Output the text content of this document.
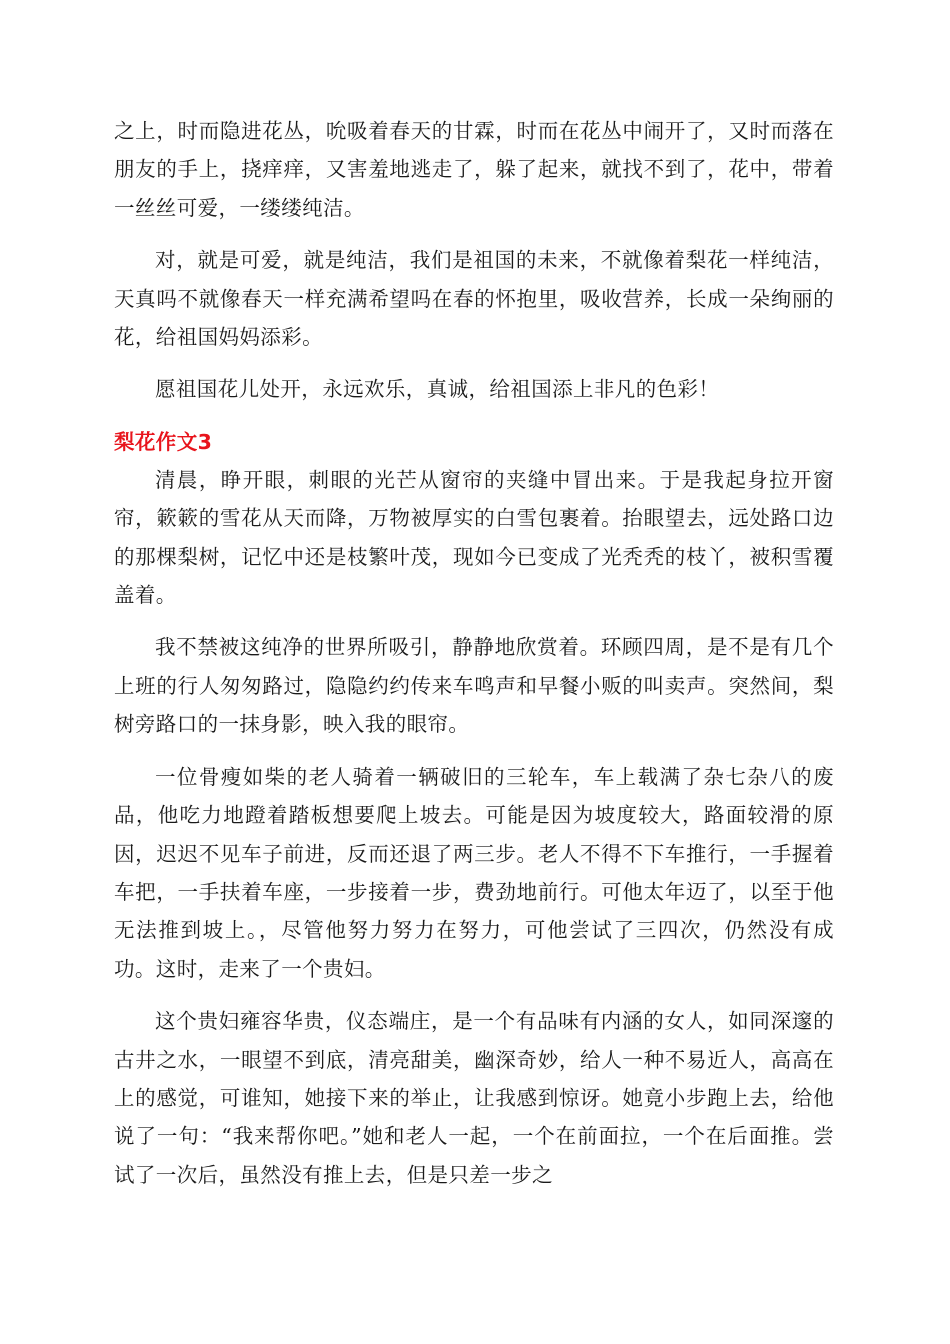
之上，时而隐进花丛，吮吸着春天的甘霖，时而在花丛中闹开了，又时而落在朋友的手上，挠痒痒，又害羞地逃走了，躲了起来，就找不到了，花中，带着一丝丝可爱，一缕缕纯洁。

对，就是可爱，就是纯洁，我们是祖国的未来，不就像着梨花一样纯洁，天真吗不就像春天一样充满希望吗在春的怀抱里，吸收营养，长成一朵绚丽的花，给祖国妈妈添彩。

愿祖国花儿处开，永远欢乐，真诚，给祖国添上非凡的色彩！

梨花作文3

清晨，睁开眼，刺眼的光芒从窗帘的夹缝中冒出来。于是我起身拉开窗帘，簌簌的雪花从天而降，万物被厚实的白雪包裹着。抬眼望去，远处路口边的那棵梨树，记忆中还是枝繁叶茂，现如今已变成了光秃秃的枝丫，被积雪覆盖着。

我不禁被这纯净的世界所吸引，静静地欣赏着。环顾四周，是不是有几个上班的行人匆匆路过，隐隐约约传来车鸣声和早餐小贩的叫卖声。突然间，梨树旁路口的一抹身影，映入我的眼帘。

一位骨瘦如柴的老人骑着一辆破旧的三轮车，车上载满了杂七杂八的废品，他吃力地蹬着踏板想要爬上坡去。可能是因为坡度较大，路面较滑的原因，迟迟不见车子前进，反而还退了两三步。老人不得不下车推行，一手握着车把，一手扶着车座，一步接着一步，费劲地前行。可他太年迈了，以至于他无法推到坡上。，尽管他努力努力在努力，可他尝试了三四次，仍然没有成功。这时，走来了一个贵妇。

这个贵妇雍容华贵，仪态端庄，是一个有品味有内涵的女人，如同深邃的古井之水，一眼望不到底，清亮甜美，幽深奇妙，给人一种不易近人，高高在上的感觉，可谁知，她接下来的举止，让我感到惊讶。她竟小步跑上去，给他说了一句：“我来帮你吧。”她和老人一起，一个在前面拉，一个在后面推。尝试了一次后，虽然没有推上去，但是只差一步之
